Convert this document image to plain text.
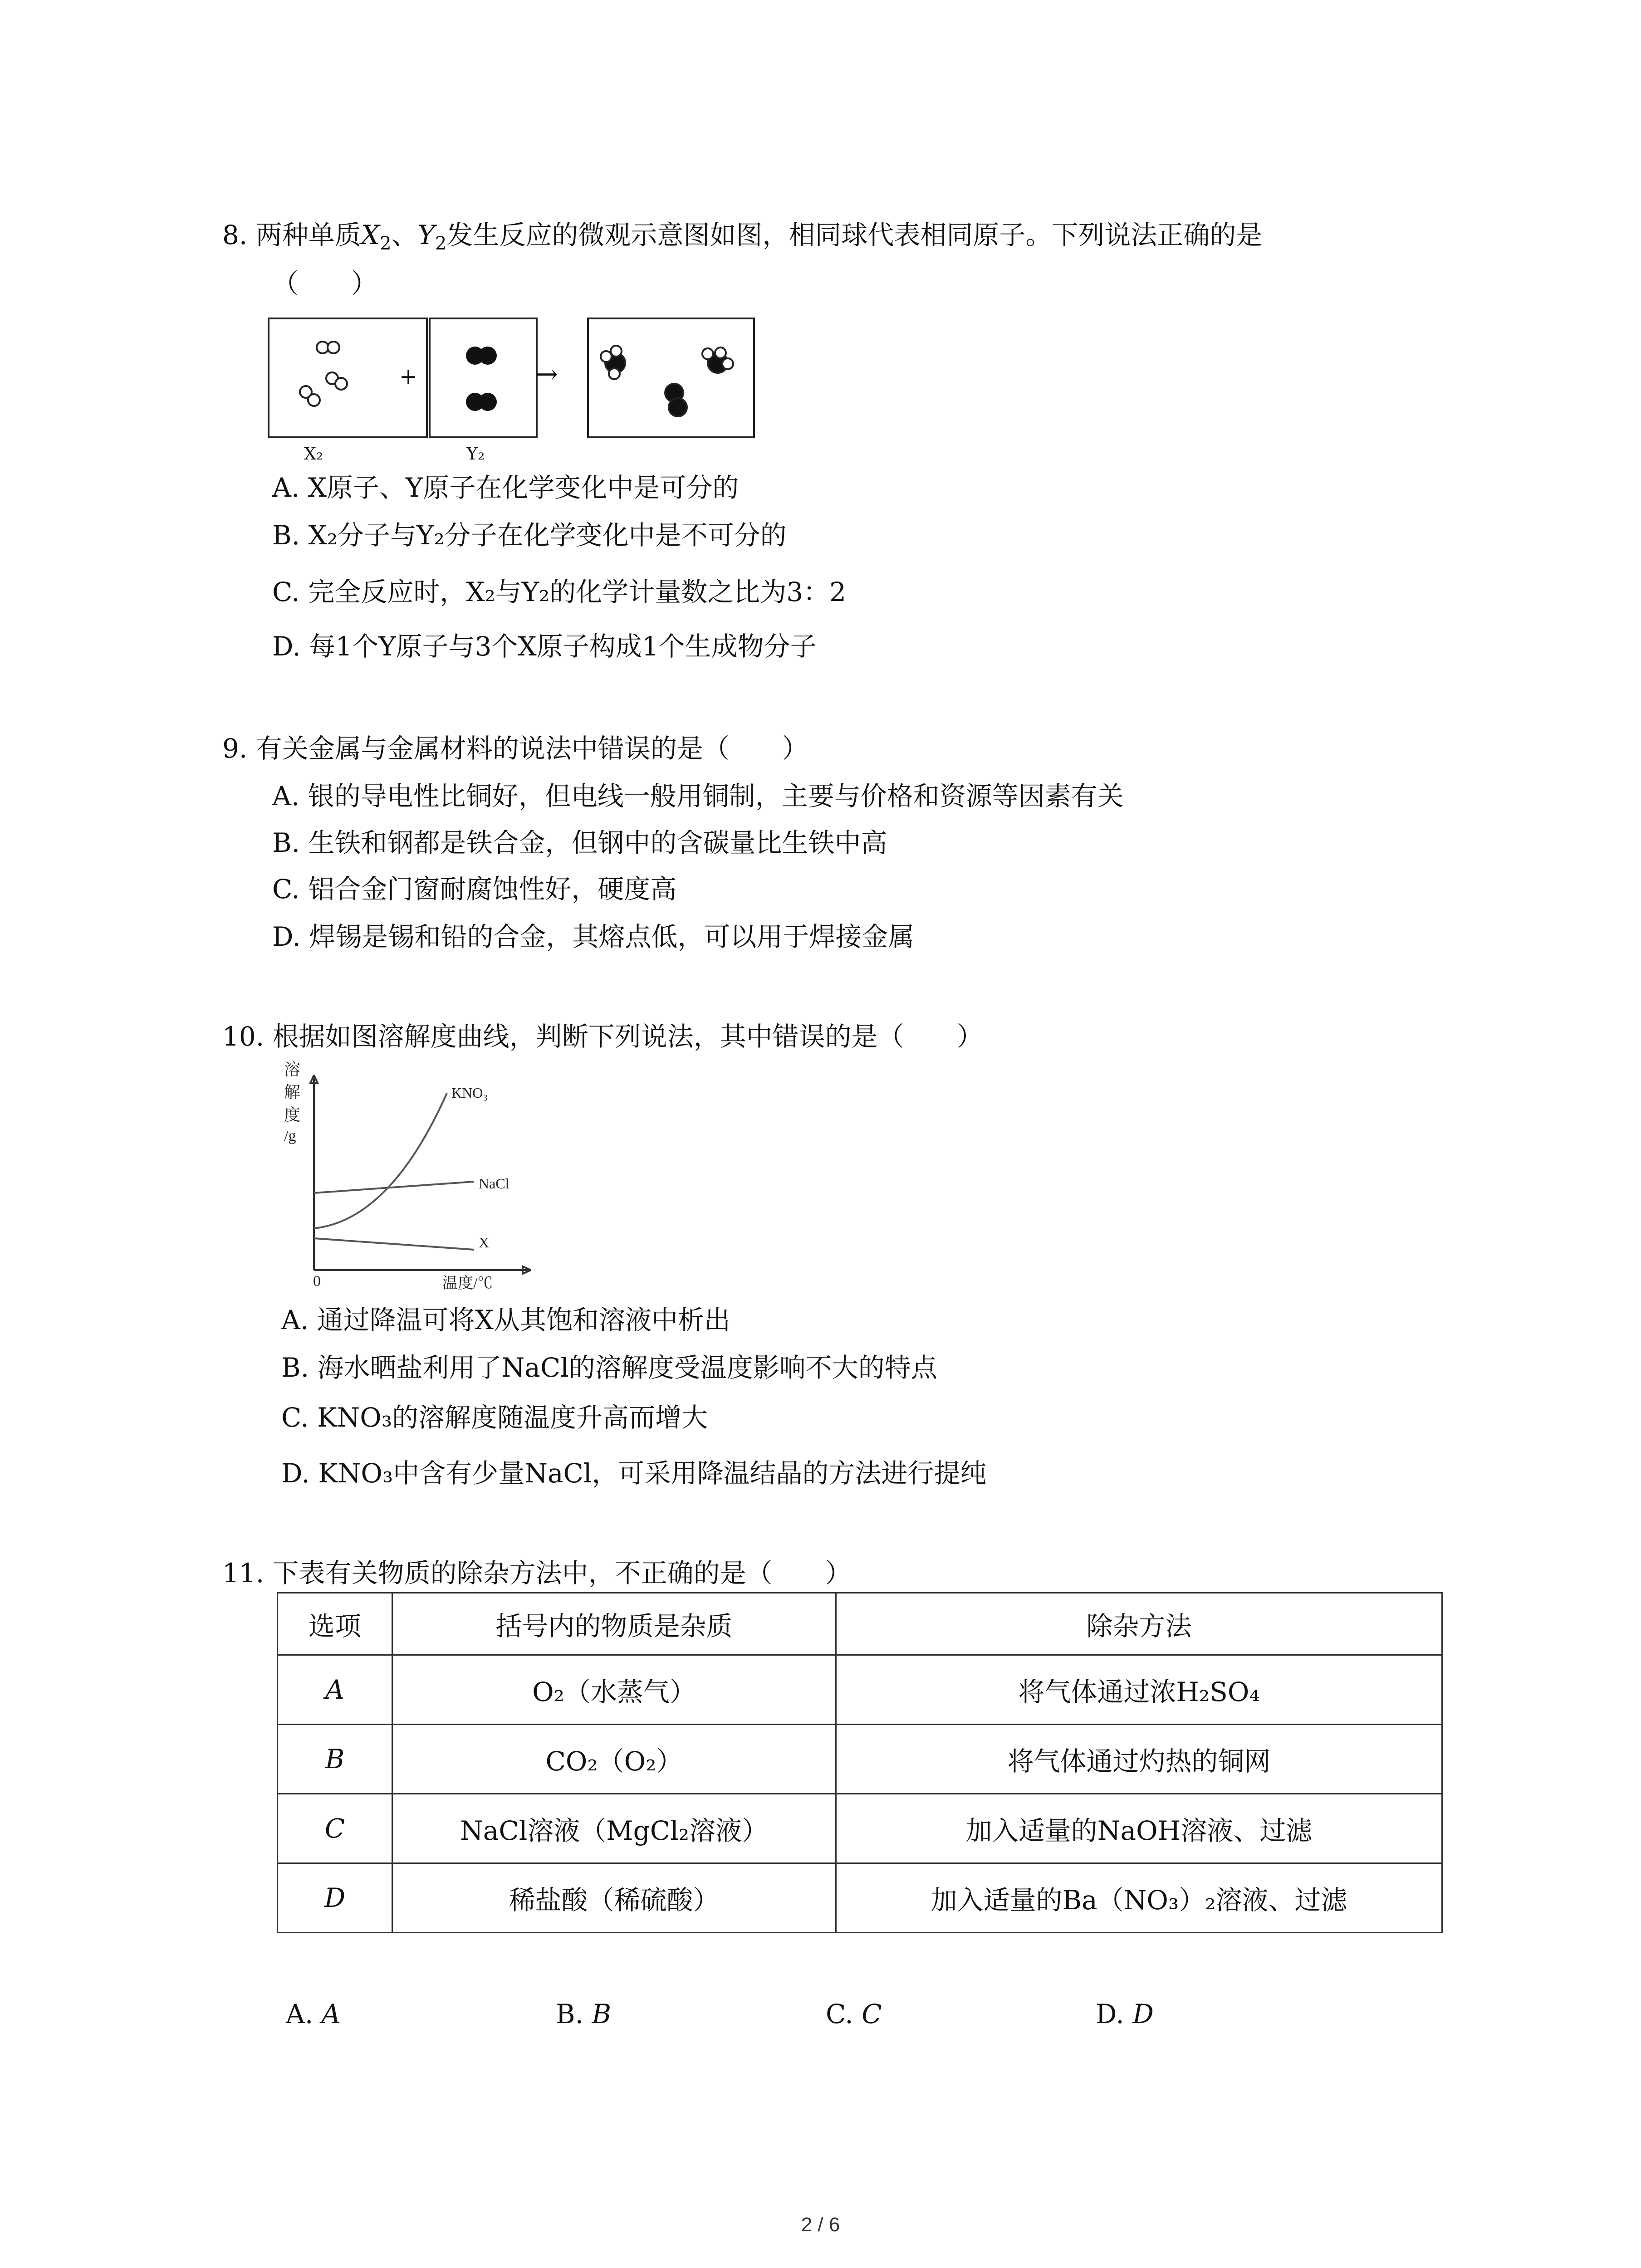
8. 两种单质$X_2$、$Y_2$发生反应的微观示意图如图，相同球代表相同原子。下列说法正确的是
（　　）
X₂
+
Y₂
→
A. X原子、Y原子在化学变化中是可分的
B. X₂分子与Y₂分子在化学变化中是不可分的
C. 完全反应时，X₂与Y₂的化学计量数之比为3：2
D. 每1个Y原子与3个X原子构成1个生成物分子
9. 有关金属与金属材料的说法中错误的是（　　）
A. 银的导电性比铜好，但电线一般用铜制，主要与价格和资源等因素有关
B. 生铁和钢都是铁合金，但钢中的含碳量比生铁中高
C. 铝合金门窗耐腐蚀性好，硬度高
D. 焊锡是锡和铅的合金，其熔点低，可以用于焊接金属
10. 根据如图溶解度曲线，判断下列说法，其中错误的是（　　）
溶
解
度
/g
0	温度/℃
KNO₃
NaCl
X
A. 通过降温可将X从其饱和溶液中析出
B. 海水晒盐利用了NaCl的溶解度受温度影响不大的特点
C. KNO₃的溶解度随温度升高而增大
D. KNO₃中含有少量NaCl，可采用降温结晶的方法进行提纯
11. 下表有关物质的除杂方法中，不正确的是（　　）
选项	括号内的物质是杂质	除杂方法
A	O₂（水蒸气）	将气体通过浓H₂SO₄
B	CO₂（O₂）	将气体通过灼热的铜网
C	NaCl溶液（MgCl₂溶液）	加入适量的NaOH溶液、过滤
D	稀盐酸（稀硫酸）	加入适量的Ba（NO₃）₂溶液、过滤
A. A	B. B	C. C	D. D
2 / 6
